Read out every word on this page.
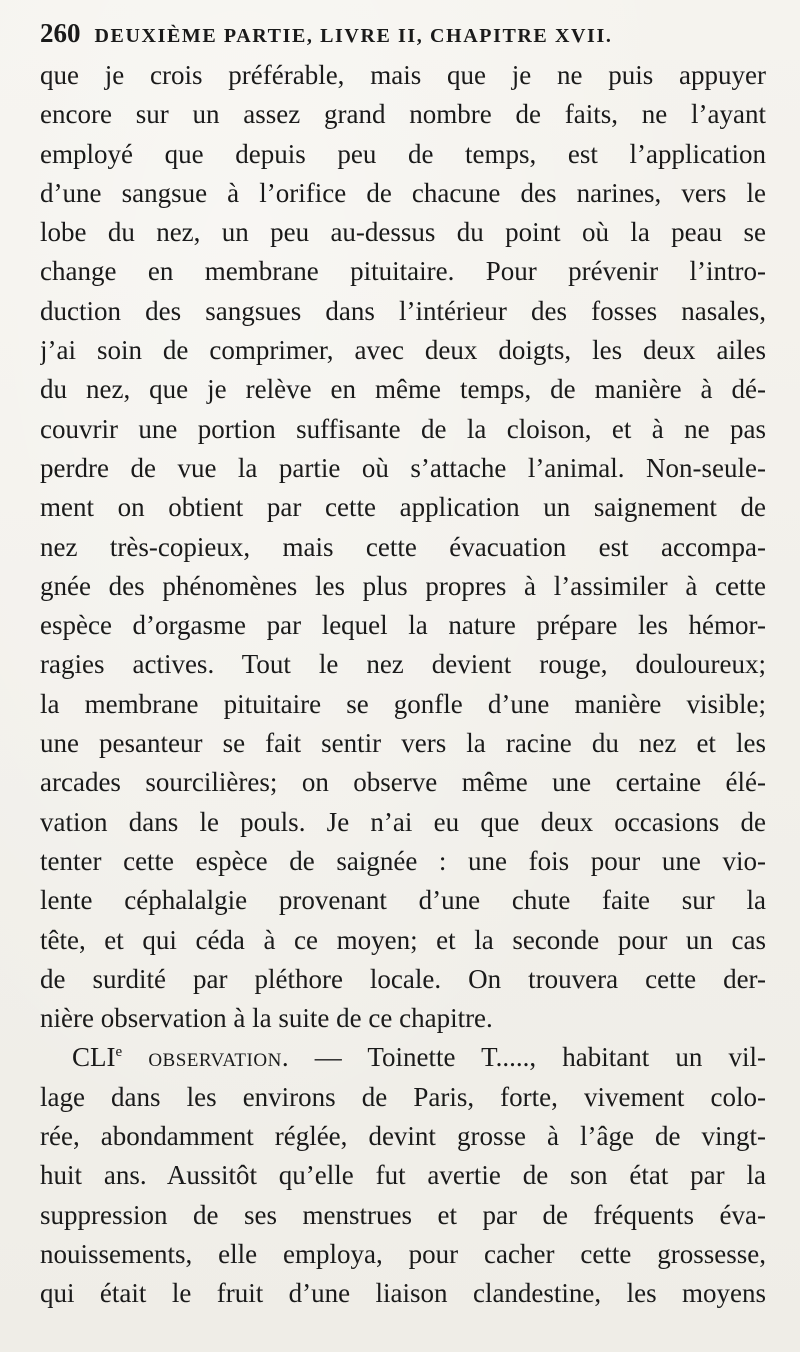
260 DEUXIÈME PARTIE, LIVRE II, CHAPITRE XVII.
que je crois préférable, mais que je ne puis appuyer
encore sur un assez grand nombre de faits, ne l’ayant
employé que depuis peu de temps, est l’application
d’une sangsue à l’orifice de chacune des narines, vers le
lobe du nez, un peu au-dessus du point où la peau se
change en membrane pituitaire. Pour prévenir l’intro-
duction des sangsues dans l’intérieur des fosses nasales,
j’ai soin de comprimer, avec deux doigts, les deux ailes
du nez, que je relève en même temps, de manière à dé-
couvrir une portion suffisante de la cloison, et à ne pas
perdre de vue la partie où s’attache l’animal. Non-seule-
ment on obtient par cette application un saignement de
nez très-copieux, mais cette évacuation est accompa-
gnée des phénomènes les plus propres à l’assimiler à cette
espèce d’orgasme par lequel la nature prépare les hémor-
ragies actives. Tout le nez devient rouge, douloureux;
la membrane pituitaire se gonfle d’une manière visible;
une pesanteur se fait sentir vers la racine du nez et les
arcades sourcilières; on observe même une certaine élé-
vation dans le pouls. Je n’ai eu que deux occasions de
tenter cette espèce de saignée : une fois pour une vio-
lente céphalalgie provenant d’une chute faite sur la
tête, et qui céda à ce moyen; et la seconde pour un cas
de surdité par pléthore locale. On trouvera cette der-
nière observation à la suite de ce chapitre.
CLIe observation. — Toinette T....., habitant un vil-
lage dans les environs de Paris, forte, vivement colo-
rée, abondamment réglée, devint grosse à l’âge de vingt-
huit ans. Aussitôt qu’elle fut avertie de son état par la
suppression de ses menstrues et par de fréquents éva-
nouissements, elle employa, pour cacher cette grossesse,
qui était le fruit d’une liaison clandestine, les moyens
